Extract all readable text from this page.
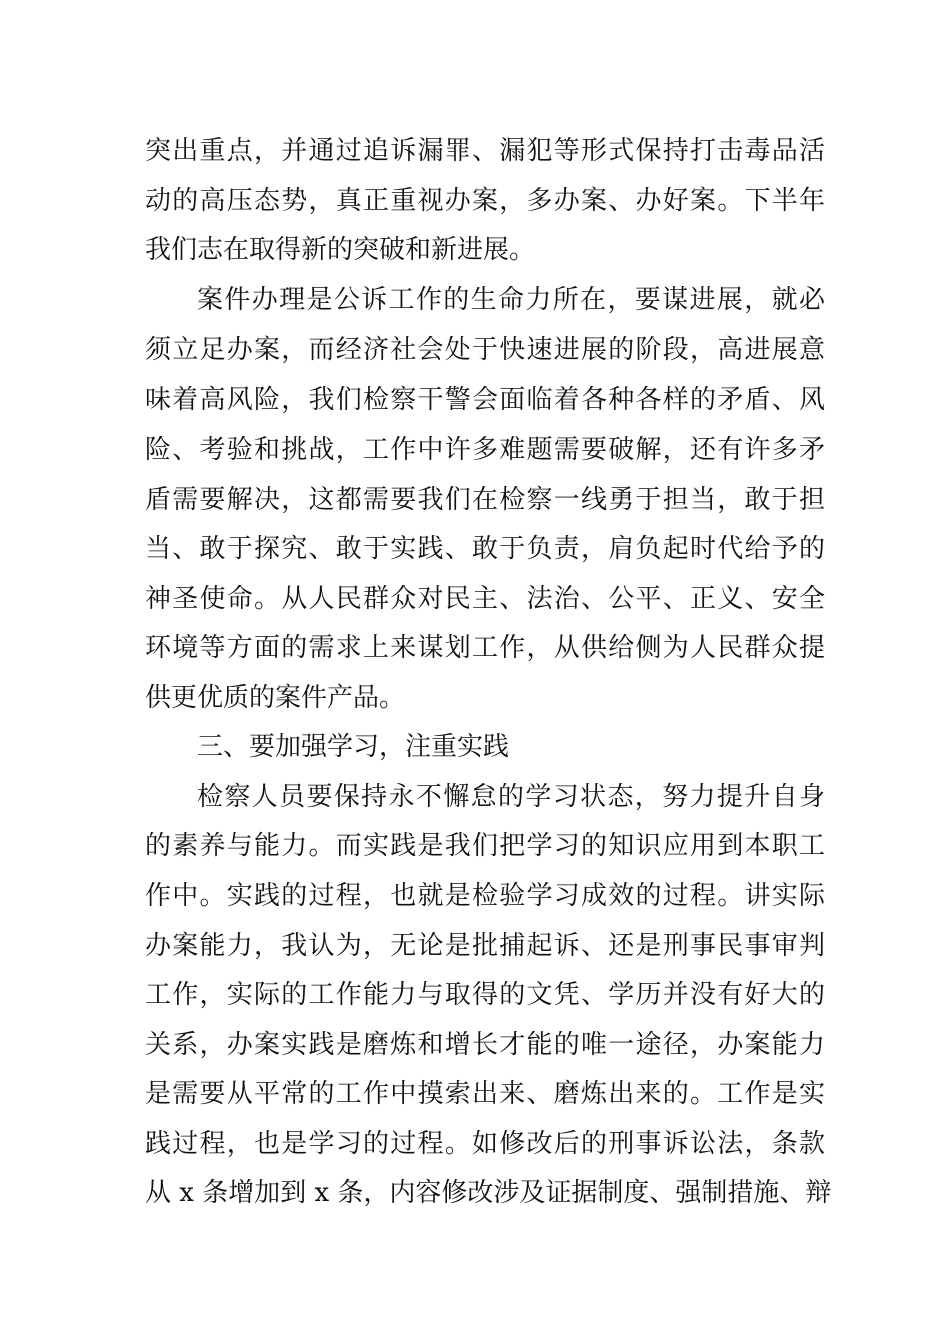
突出重点，并通过追诉漏罪、漏犯等形式保持打击毒品活
动的高压态势，真正重视办案，多办案、办好案。下半年
我们志在取得新的突破和新进展。
案件办理是公诉工作的生命力所在，要谋进展，就必
须立足办案，而经济社会处于快速进展的阶段，高进展意
味着高风险，我们检察干警会面临着各种各样的矛盾、风
险、考验和挑战，工作中许多难题需要破解，还有许多矛
盾需要解决，这都需要我们在检察一线勇于担当，敢于担
当、敢于探究、敢于实践、敢于负责，肩负起时代给予的
神圣使命。从人民群众对民主、法治、公平、正义、安全
环境等方面的需求上来谋划工作，从供给侧为人民群众提
供更优质的案件产品。
三、要加强学习，注重实践
检察人员要保持永不懈怠的学习状态，努力提升自身
的素养与能力。而实践是我们把学习的知识应用到本职工
作中。实践的过程，也就是检验学习成效的过程。讲实际
办案能力，我认为，无论是批捕起诉、还是刑事民事审判
工作，实际的工作能力与取得的文凭、学历并没有好大的
关系，办案实践是磨炼和增长才能的唯一途径，办案能力
是需要从平常的工作中摸索出来、磨炼出来的。工作是实
践过程，也是学习的过程。如修改后的刑事诉讼法，条款
从 x 条增加到 x 条，内容修改涉及证据制度、强制措施、辩
